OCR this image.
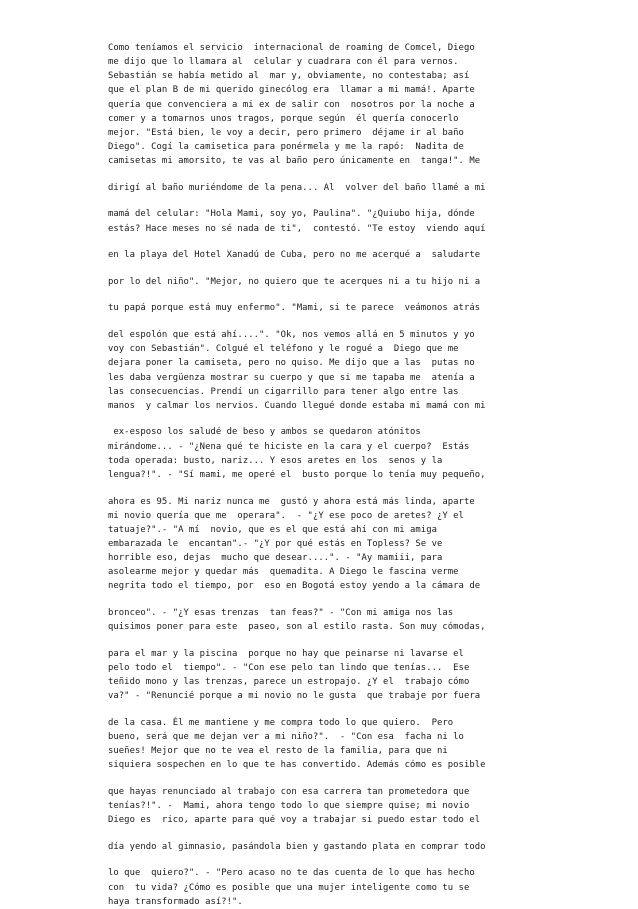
Como teníamos el servicio  internacional de roaming de Comcel, Diego
me dijo que lo llamara al  celular y cuadrara con él para vernos.
Sebastián se había metido al  mar y, obviamente, no contestaba; así
que el plan B de mi querido ginecólog era  llamar a mi mamá!. Aparte
quería que convenciera a mi ex de salir con  nosotros por la noche a
comer y a tomarnos unos tragos, porque según  él quería conocerlo
mejor. "Está bien, le voy a decir, pero primero  déjame ir al baño
Diego". Cogí la camisetica para ponérmela y me la rapó:  Nadita de
camisetas mi amorsito, te vas al baño pero únicamente en  tanga!". Me
dirigí al baño muriéndome de la pena... Al  volver del baño llamé a mi
mamá del celular: "Hola Mami, soy yo, Paulina". "¿Quiubo hija, dónde
estás? Hace meses no sé nada de ti",  contestó. "Te estoy  viendo aquí
en la playa del Hotel Xanadú de Cuba, pero no me acerqué a  saludarte
por lo del niño". "Mejor, no quiero que te acerques ni a tu hijo ni a
tu papá porque está muy enfermo". "Mami, si te parece  veámonos atrás
del espolón que está ahí....". "Ok, nos vemos allá en 5 minutos y yo
voy con Sebastián". Colgué el teléfono y le rogué a  Diego que me
dejara poner la camiseta, pero no quiso. Me dijo que a las  putas no
les daba vergüenza mostrar su cuerpo y que si me tapaba me  atenía a
las consecuencias. Prendí un cigarrillo para tener algo entre las
manos  y calmar los nervios. Cuando llegué donde estaba mi mamá con mi
ex-esposo los saludé de beso y ambos se quedaron atónitos
mirándome... - "¿Nena qué te hiciste en la cara y el cuerpo?  Estás
toda operada: busto, nariz... Y esos aretes en los  senos y la
lengua?!". - "Sí mami, me operé el  busto porque lo tenía muy pequeño,
ahora es 95. Mi nariz nunca me  gustó y ahora está más linda, aparte
mi novio quería que me  operara".  - "¿Y ese poco de aretes? ¿Y el
tatuaje?".- "A mí  novio, que es el que está ahí con mi amiga
embarazada le  encantan".- "¿Y por qué estás en Topless? Se ve
horrible eso, dejas  mucho que desear....". - "Ay mamiii, para
asolearme mejor y quedar más  quemadita. A Diego le fascina verme
negrita todo el tiempo, por  eso en Bogotá estoy yendo a la cámara de
bronceo". - "¿Y esas trenzas  tan feas?" - "Con mi amiga nos las
quisimos poner para este  paseo, son al estilo rasta. Son muy cómodas,
para el mar y la piscina  porque no hay que peinarse ni lavarse el
pelo todo el  tiempo". - "Con ese pelo tan lindo que tenías...  Ese
teñido mono y las trenzas, parece un estropajo. ¿Y el  trabajo cómo
va?" - "Renuncié porque a mi novio no le gusta  que trabaje por fuera
de la casa. Él me mantiene y me compra todo lo que quiero.  Pero
bueno, será que me dejan ver a mi niño?".  - "Con esa  facha ni lo
sueñes! Mejor que no te vea el resto de la familia, para que ni
siquiera sospechen en lo que te has convertido. Además cómo es posible
que hayas renunciado al trabajo con esa carrera tan prometedora que
tenías?!". -  Mami, ahora tengo todo lo que siempre quise; mi novio
Diego es  rico, aparte para qué voy a trabajar si puedo estar todo el
día yendo al gimnasio, pasándola bien y gastando plata en comprar todo
lo que  quiero?". - "Pero acaso no te das cuenta de lo que has hecho
con  tu vida? ¿Cómo es posible que una mujer inteligente como tu se
haya transformado así?!".
